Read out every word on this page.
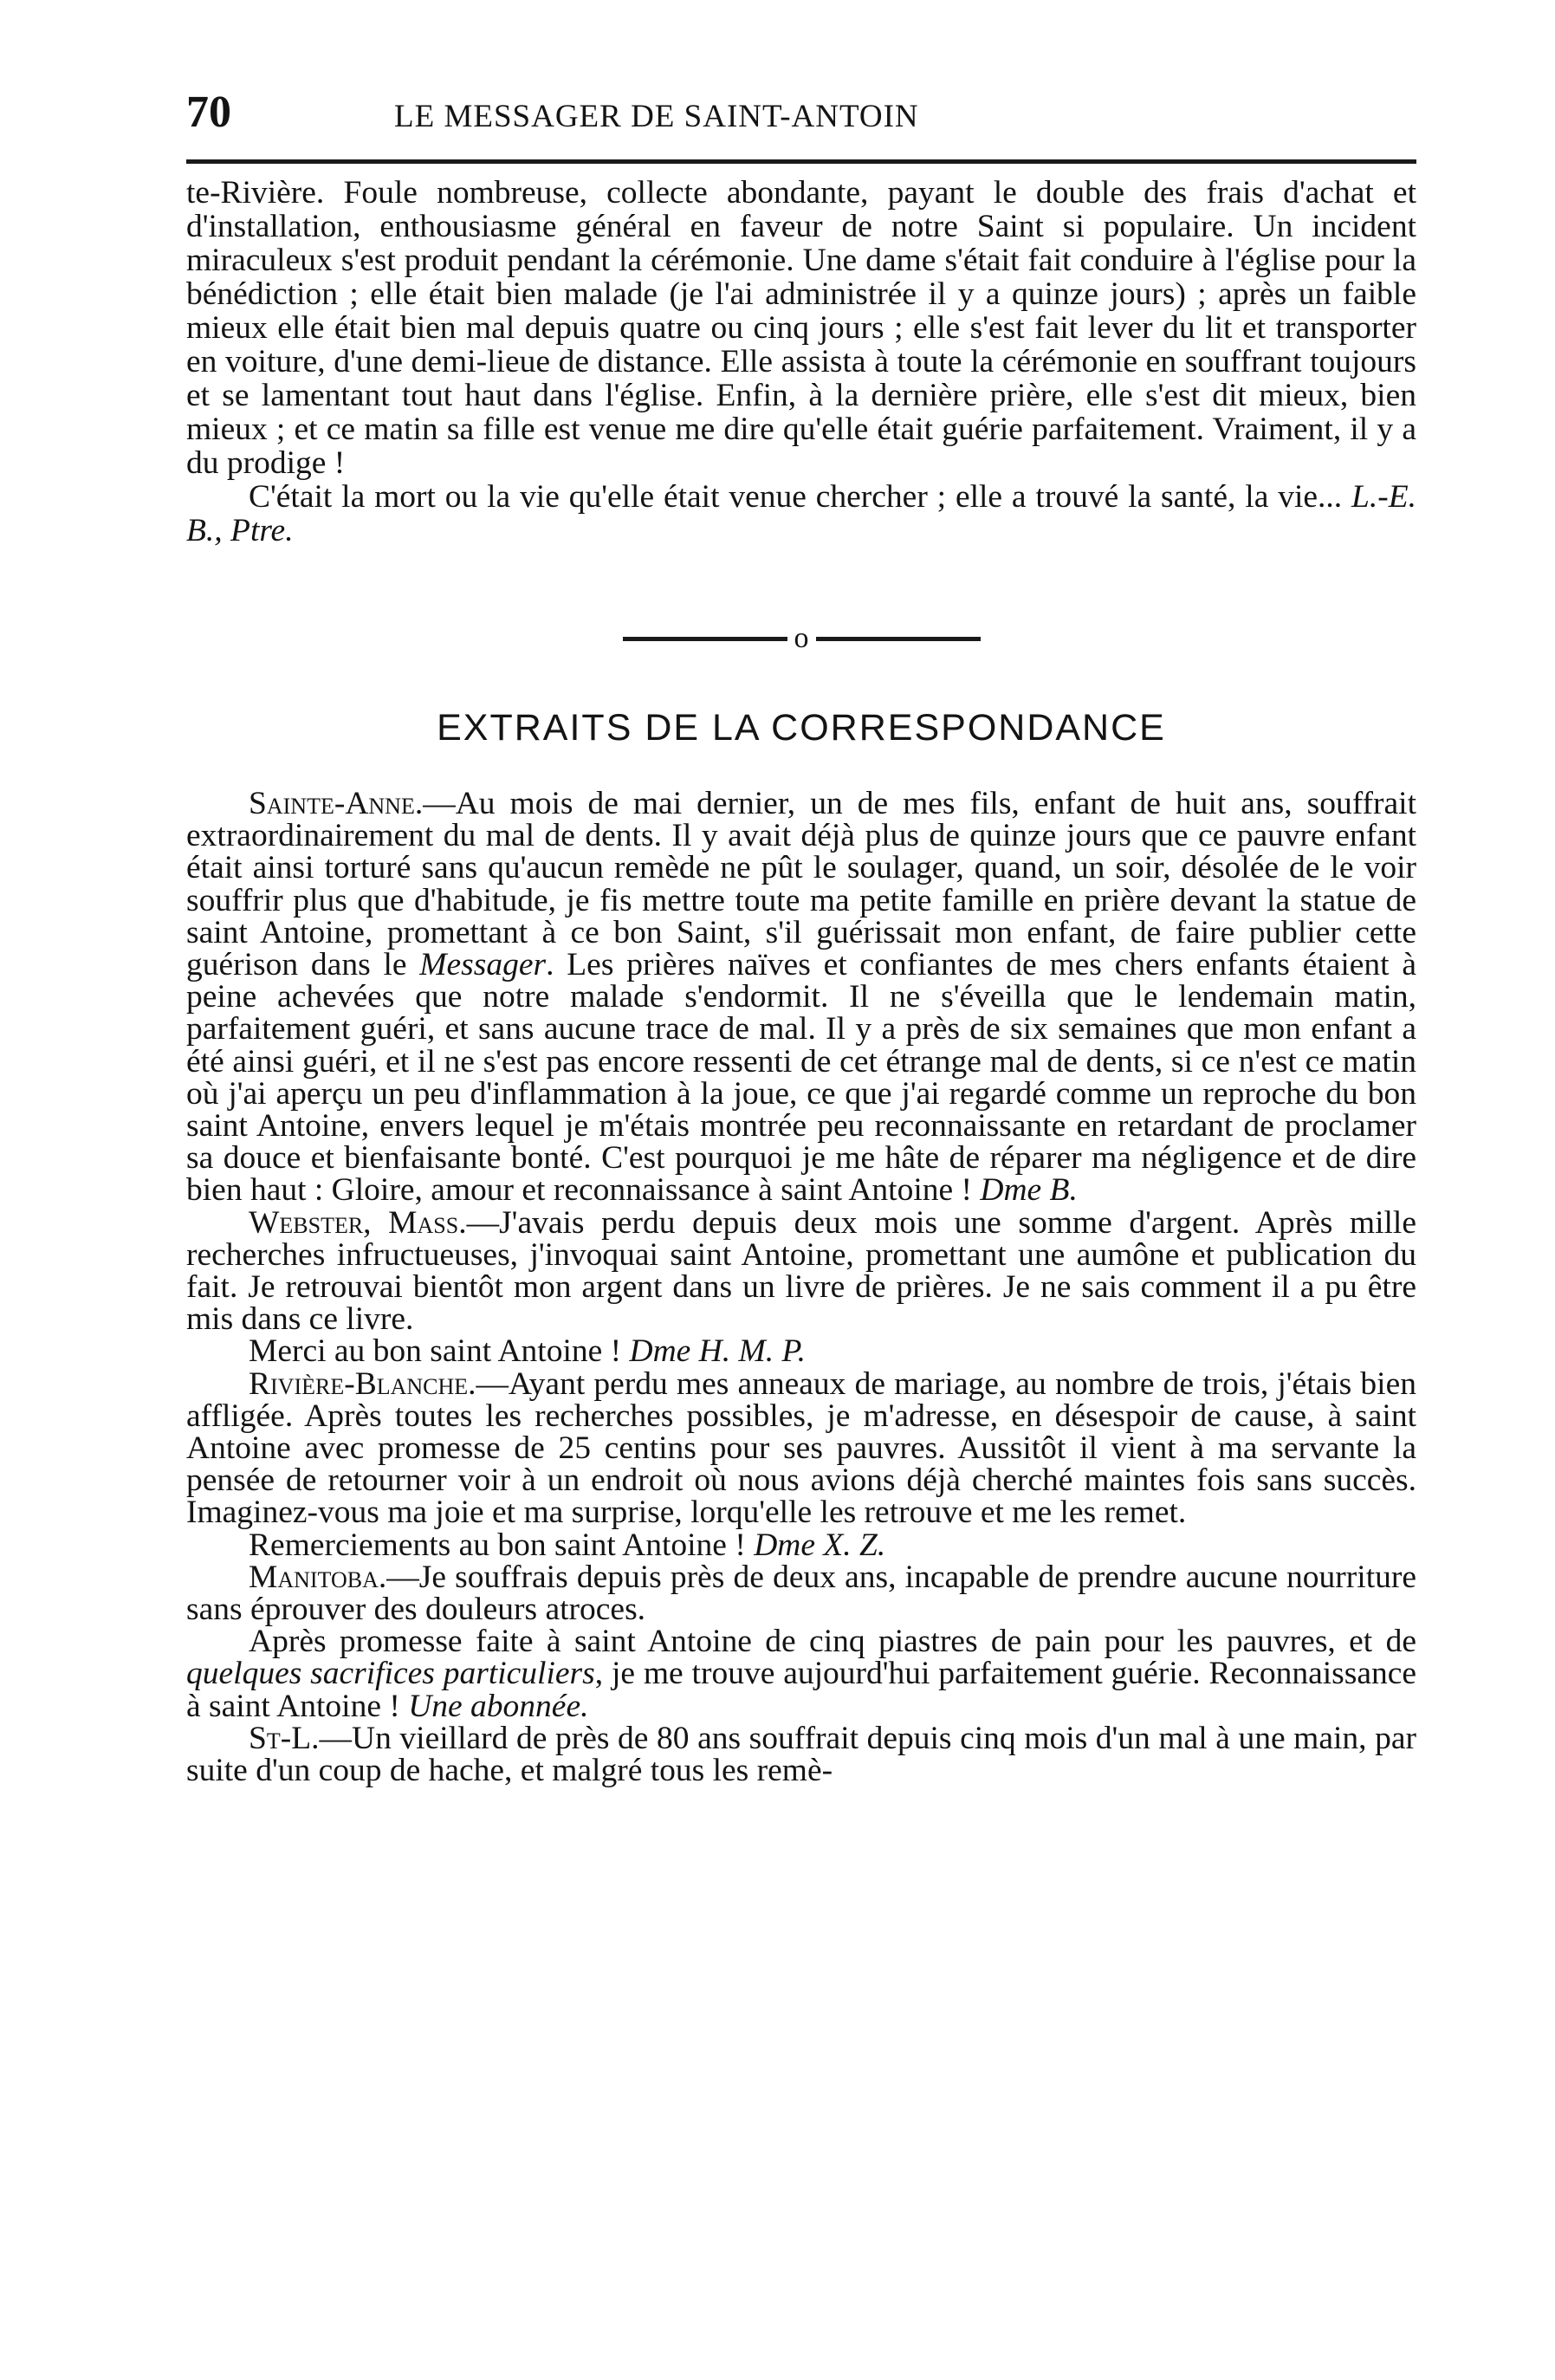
70	LE MESSAGER DE SAINT-ANTOIN

te-Rivière. Foule nombreuse, collecte abondante, payant le double des frais d'achat et d'installation, enthousiasme général en faveur de notre Saint si populaire. Un incident miraculeux s'est produit pendant la cérémonie. Une dame s'était fait conduire à l'église pour la bénédiction ; elle était bien malade (je l'ai administrée il y a quinze jours) ; après un faible mieux elle était bien mal depuis quatre ou cinq jours ; elle s'est fait lever du lit et transporter en voiture, d'une demi-lieue de distance. Elle assista à toute la cérémonie en souffrant toujours et se lamentant tout haut dans l'église. Enfin, à la dernière prière, elle s'est dit mieux, bien mieux ; et ce matin sa fille est venue me dire qu'elle était guérie parfaitement. Vraiment, il y a du prodige !

C'était la mort ou la vie qu'elle était venue chercher ; elle a trouvé la santé, la vie... L.-E. B., Ptre.

o
EXTRAITS DE LA CORRESPONDANCE

Sainte-Anne.—Au mois de mai dernier, un de mes fils, enfant de huit ans, souffrait extraordinairement du mal de dents. Il y avait déjà plus de quinze jours que ce pauvre enfant était ainsi torturé sans qu'aucun remède ne pût le soulager, quand, un soir, désolée de le voir souffrir plus que d'habitude, je fis mettre toute ma petite famille en prière devant la statue de saint Antoine, promettant à ce bon Saint, s'il guérissait mon enfant, de faire publier cette guérison dans le Messager. Les prières naïves et confiantes de mes chers enfants étaient à peine achevées que notre malade s'endormit. Il ne s'éveilla que le lendemain matin, parfaitement guéri, et sans aucune trace de mal. Il y a près de six semaines que mon enfant a été ainsi guéri, et il ne s'est pas encore ressenti de cet étrange mal de dents, si ce n'est ce matin où j'ai aperçu un peu d'inflammation à la joue, ce que j'ai regardé comme un reproche du bon saint Antoine, envers lequel je m'étais montrée peu reconnaissante en retardant de proclamer sa douce et bienfaisante bonté. C'est pourquoi je me hâte de réparer ma négligence et de dire bien haut : Gloire, amour et reconnaissance à saint Antoine ! Dme B.

Webster, Mass.—J'avais perdu depuis deux mois une somme d'argent. Après mille recherches infructueuses, j'invoquai saint Antoine, promettant une aumône et publication du fait. Je retrouvai bientôt mon argent dans un livre de prières. Je ne sais comment il a pu être mis dans ce livre.

Merci au bon saint Antoine ! Dme H. M. P.

Rivière-Blanche.—Ayant perdu mes anneaux de mariage, au nombre de trois, j'étais bien affligée. Après toutes les recherches possibles, je m'adresse, en désespoir de cause, à saint Antoine avec promesse de 25 centins pour ses pauvres. Aussitôt il vient à ma servante la pensée de retourner voir à un endroit où nous avions déjà cherché maintes fois sans succès. Imaginez-vous ma joie et ma surprise, lorqu'elle les retrouve et me les remet.

Remerciements au bon saint Antoine ! Dme X. Z.

Manitoba.—Je souffrais depuis près de deux ans, incapable de prendre aucune nourriture sans éprouver des douleurs atroces.

Après promesse faite à saint Antoine de cinq piastres de pain pour les pauvres, et de quelques sacrifices particuliers, je me trouve aujourd'hui parfaitement guérie. Reconnaissance à saint Antoine ! Une abonnée.

St-L.—Un vieillard de près de 80 ans souffrait depuis cinq mois d'un mal à une main, par suite d'un coup de hache, et malgré tous les remè-
